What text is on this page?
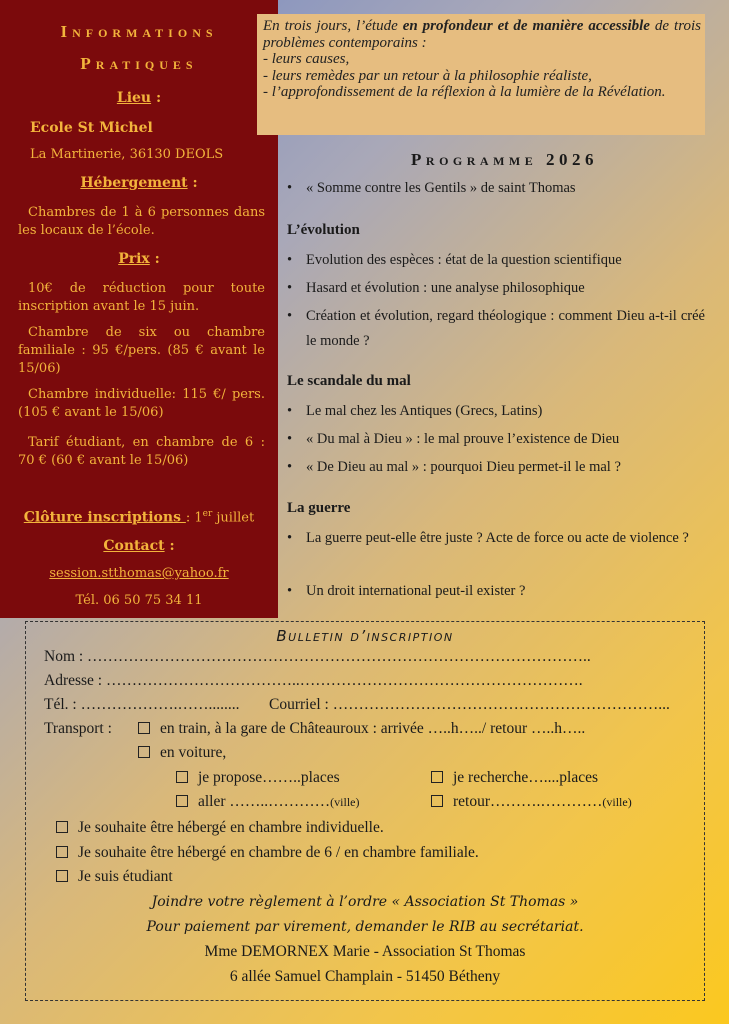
Informations
Pratiques
Lieu :
Ecole St Michel
La Martinerie, 36130 DEOLS
Hébergement :
Chambres de 1 à 6 personnes dans les locaux de l’école.
Prix :
10€ de réduction pour toute inscription avant le 15 juin.
Chambre de six ou chambre familiale : 95 €/pers. (85 € avant le 15/06)
Chambre individuelle: 115 €/ pers. (105 € avant le 15/06)
Tarif étudiant, en chambre de 6 : 70 € (60 € avant le 15/06)
Clôture inscriptions : 1er juillet
Contact :
session.stthomas@yahoo.fr
Tél. 06 50 75 34 11
En trois jours, l’étude en profondeur et de manière accessible de trois problèmes contemporains :
- leurs causes,
- leurs remèdes par un retour à la philosophie réaliste,
- l’approfondissement de la réflexion à la lumière de la Révélation.
Programme 2026
• « Somme contre les Gentils » de saint Thomas
L’évolution
• Evolution des espèces : état de la question scientifique
• Hasard et évolution : une analyse philosophique
• Création et évolution, regard théologique : comment Dieu a-t-il créé le monde ?
Le scandale du mal
• Le mal chez les Antiques (Grecs, Latins)
• « Du mal à Dieu » : le mal prouve l’existence de Dieu
• « De Dieu au mal » : pourquoi Dieu permet-il le mal ?
La guerre
• La guerre peut-elle être juste ? Acte de force ou acte de violence ?
• Un droit international peut-il exister ?
Bulletin d’inscription
Nom : ……………………………………………………………………………………..
Adresse : ………………………………..……………………………………………….
Tél. : ……………….……........ Courriel : ………………………………………………………...
Transport :	en train, à la gare de Châteauroux : arrivée …..h…../ retour …..h…..
en voiture,
je propose……..places	je recherche…....places
aller ……..…………(ville)	retour……….…………(ville)
Je souhaite être hébergé en chambre individuelle.
Je souhaite être hébergé en chambre de 6 / en chambre familiale.
Je suis étudiant
Joindre votre règlement à l’ordre « Association St Thomas »
Pour paiement par virement, demander le RIB au secrétariat.
Mme DEMORNEX Marie - Association St Thomas
6 allée Samuel Champlain - 51450 Bétheny
